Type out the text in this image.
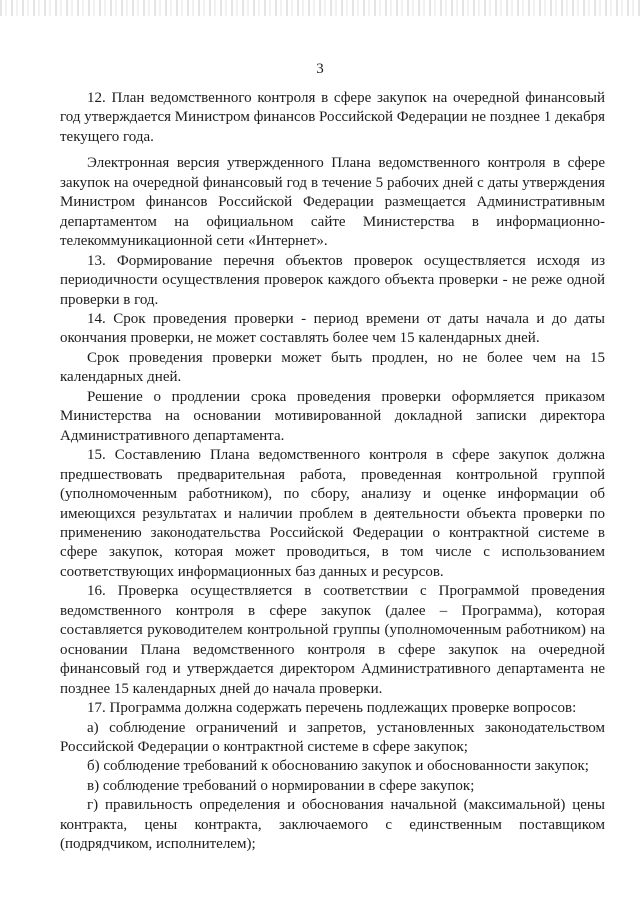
3

12. План ведомственного контроля в сфере закупок на очередной финансовый год утверждается Министром финансов Российской Федерации не позднее 1 декабря текущего года.

Электронная версия утвержденного Плана ведомственного контроля в сфере закупок на очередной финансовый год в течение 5 рабочих дней с даты утверждения Министром финансов Российской Федерации размещается Административным департаментом на официальном сайте Министерства в информационно-телекоммуникационной сети «Интернет».

13. Формирование перечня объектов проверок осуществляется исходя из периодичности осуществления проверок каждого объекта проверки - не реже одной проверки в год.

14. Срок проведения проверки - период времени от даты начала и до даты окончания проверки, не может составлять более чем 15 календарных дней.

Срок проведения проверки может быть продлен, но не более чем на 15 календарных дней.

Решение о продлении срока проведения проверки оформляется приказом Министерства на основании мотивированной докладной записки директора Административного департамента.

15. Составлению Плана ведомственного контроля в сфере закупок должна предшествовать предварительная работа, проведенная контрольной группой (уполномоченным работником), по сбору, анализу и оценке информации об имеющихся результатах и наличии проблем в деятельности объекта проверки по применению законодательства Российской Федерации о контрактной системе в сфере закупок, которая может проводиться, в том числе с использованием соответствующих информационных баз данных и ресурсов.

16. Проверка осуществляется в соответствии с Программой проведения ведомственного контроля в сфере закупок (далее – Программа), которая составляется руководителем контрольной группы (уполномоченным работником) на основании Плана ведомственного контроля в сфере закупок на очередной финансовый год и утверждается директором Административного департамента не позднее 15 календарных дней до начала проверки.

17. Программа должна содержать перечень подлежащих проверке вопросов:

а) соблюдение ограничений и запретов, установленных законодательством Российской Федерации о контрактной системе в сфере закупок;

б) соблюдение требований к обоснованию закупок и обоснованности закупок;

в) соблюдение требований о нормировании в сфере закупок;

г) правильность определения и обоснования начальной (максимальной) цены контракта, цены контракта, заключаемого с единственным поставщиком (подрядчиком, исполнителем);
